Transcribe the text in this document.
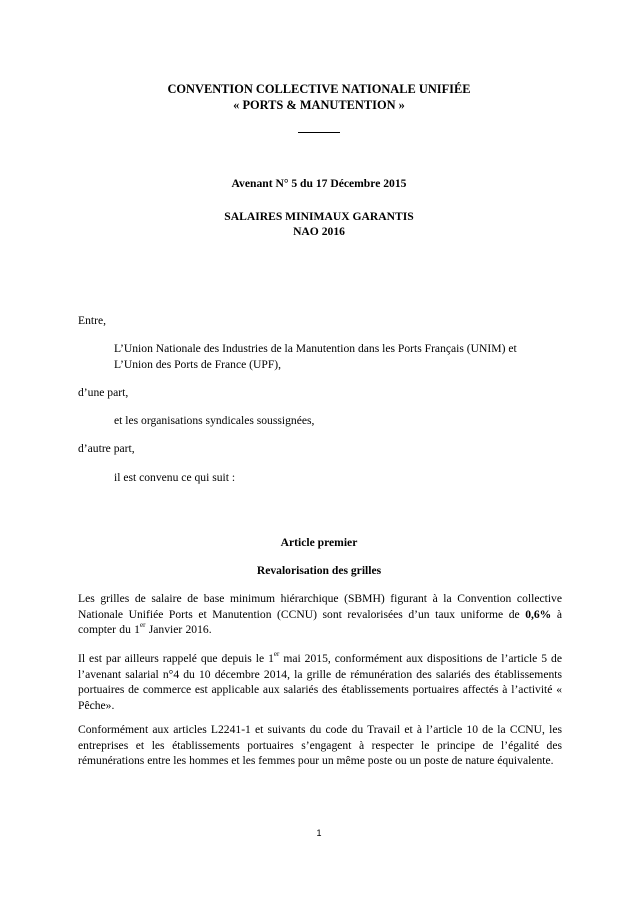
CONVENTION COLLECTIVE NATIONALE UNIFIÉE

« PORTS & MANUTENTION »

Avenant N° 5 du 17 Décembre 2015

SALAIRES MINIMAUX GARANTIS

NAO 2016

Entre,

L’Union Nationale des Industries de la Manutention dans les Ports Français (UNIM) et

L’Union des Ports de France (UPF),

d’une part,

et les organisations syndicales soussignées,

d’autre part,

il est convenu ce qui suit :

Article premier

Revalorisation des grilles

Les grilles de salaire de base minimum hiérarchique (SBMH) figurant à la Convention collective Nationale Unifiée Ports et Manutention (CCNU) sont revalorisées d’un taux uniforme de 0,6% à compter du 1er Janvier 2016.

Il est par ailleurs rappelé que depuis le 1er mai 2015, conformément aux dispositions de l’article 5 de l’avenant salarial n°4 du 10 décembre 2014, la grille de rémunération des salariés des établissements portuaires de commerce est applicable aux salariés des établissements portuaires affectés à l’activité « Pêche».

Conformément aux articles L2241-1 et suivants du code du Travail et à l’article 10 de la CCNU, les entreprises et les établissements portuaires s’engagent à respecter le principe de l’égalité des rémunérations entre les hommes et les femmes pour un même poste ou un poste de nature équivalente.

1
